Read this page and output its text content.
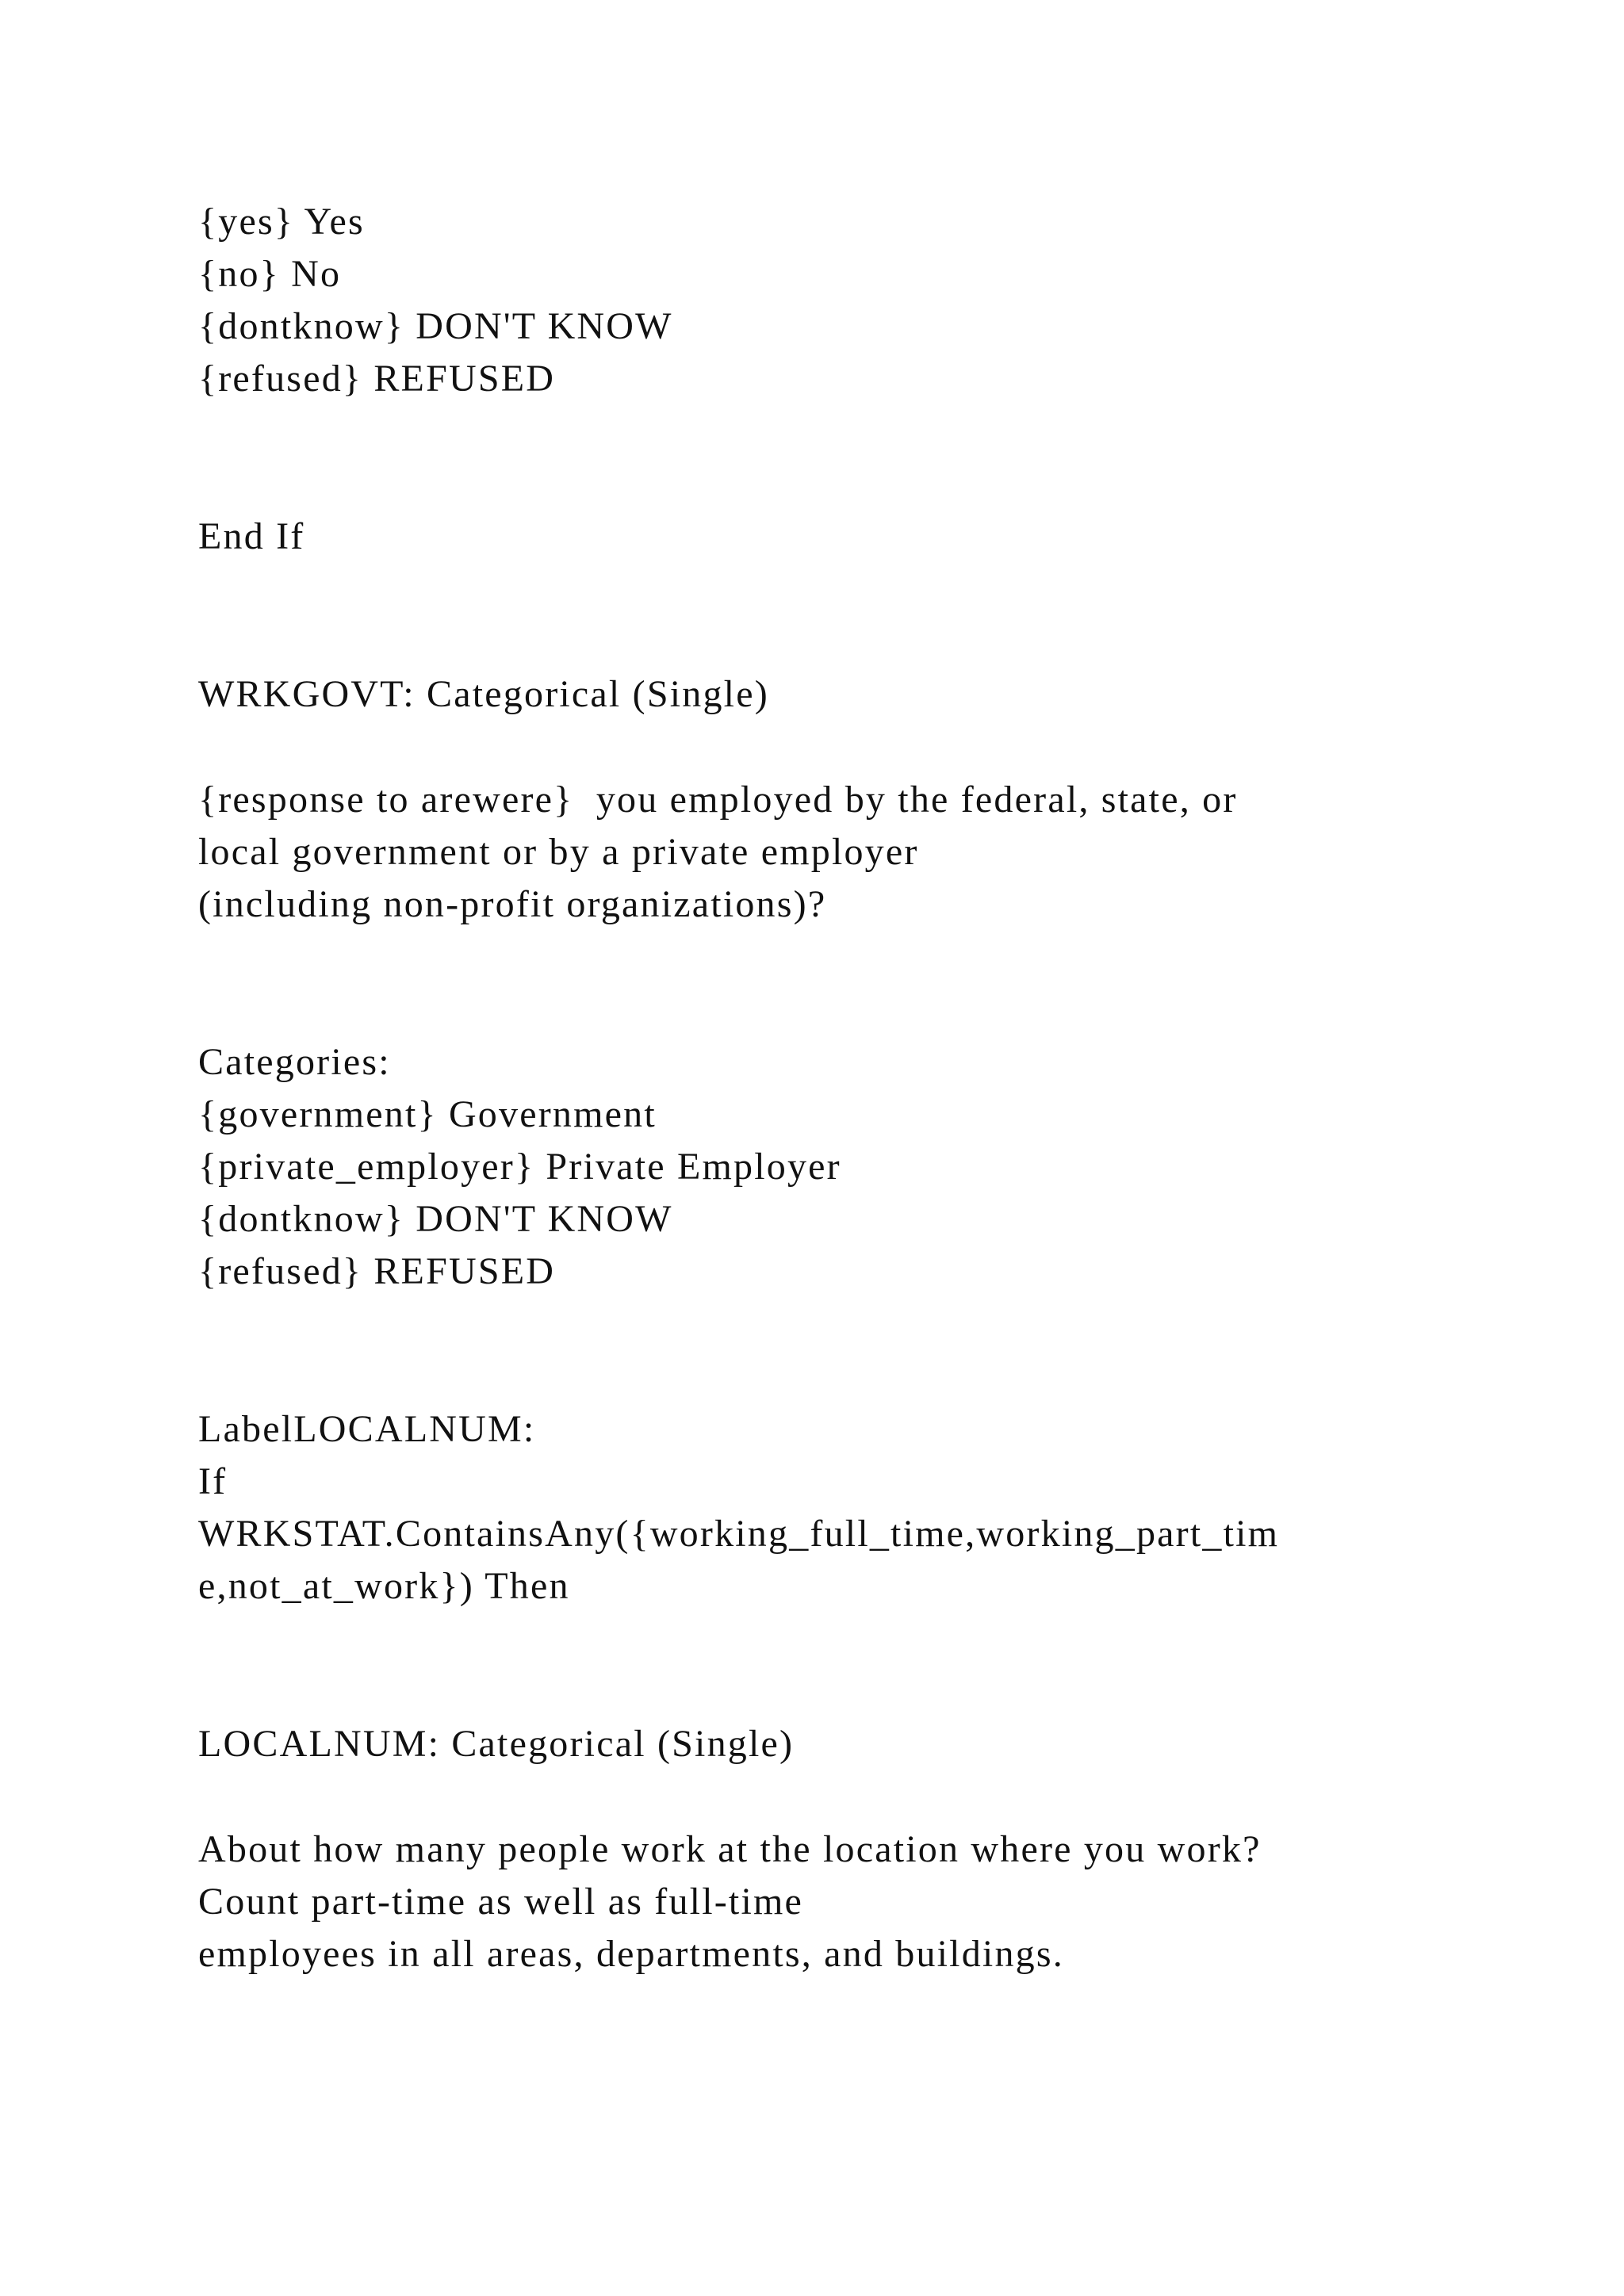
{yes} Yes

{no} No

{dontknow} DON'T KNOW

{refused} REFUSED

End If

WRKGOVT: Categorical (Single)

{response to arewere}  you employed by the federal, state, or

local government or by a private employer

(including non-profit organizations)?

Categories:

{government} Government

{private_employer} Private Employer

{dontknow} DON'T KNOW

{refused} REFUSED

LabelLOCALNUM:

If

WRKSTAT.ContainsAny({working_full_time,working_part_tim

e,not_at_work}) Then

LOCALNUM: Categorical (Single)

About how many people work at the location where you work?

Count part-time as well as full-time

employees in all areas, departments, and buildings.
